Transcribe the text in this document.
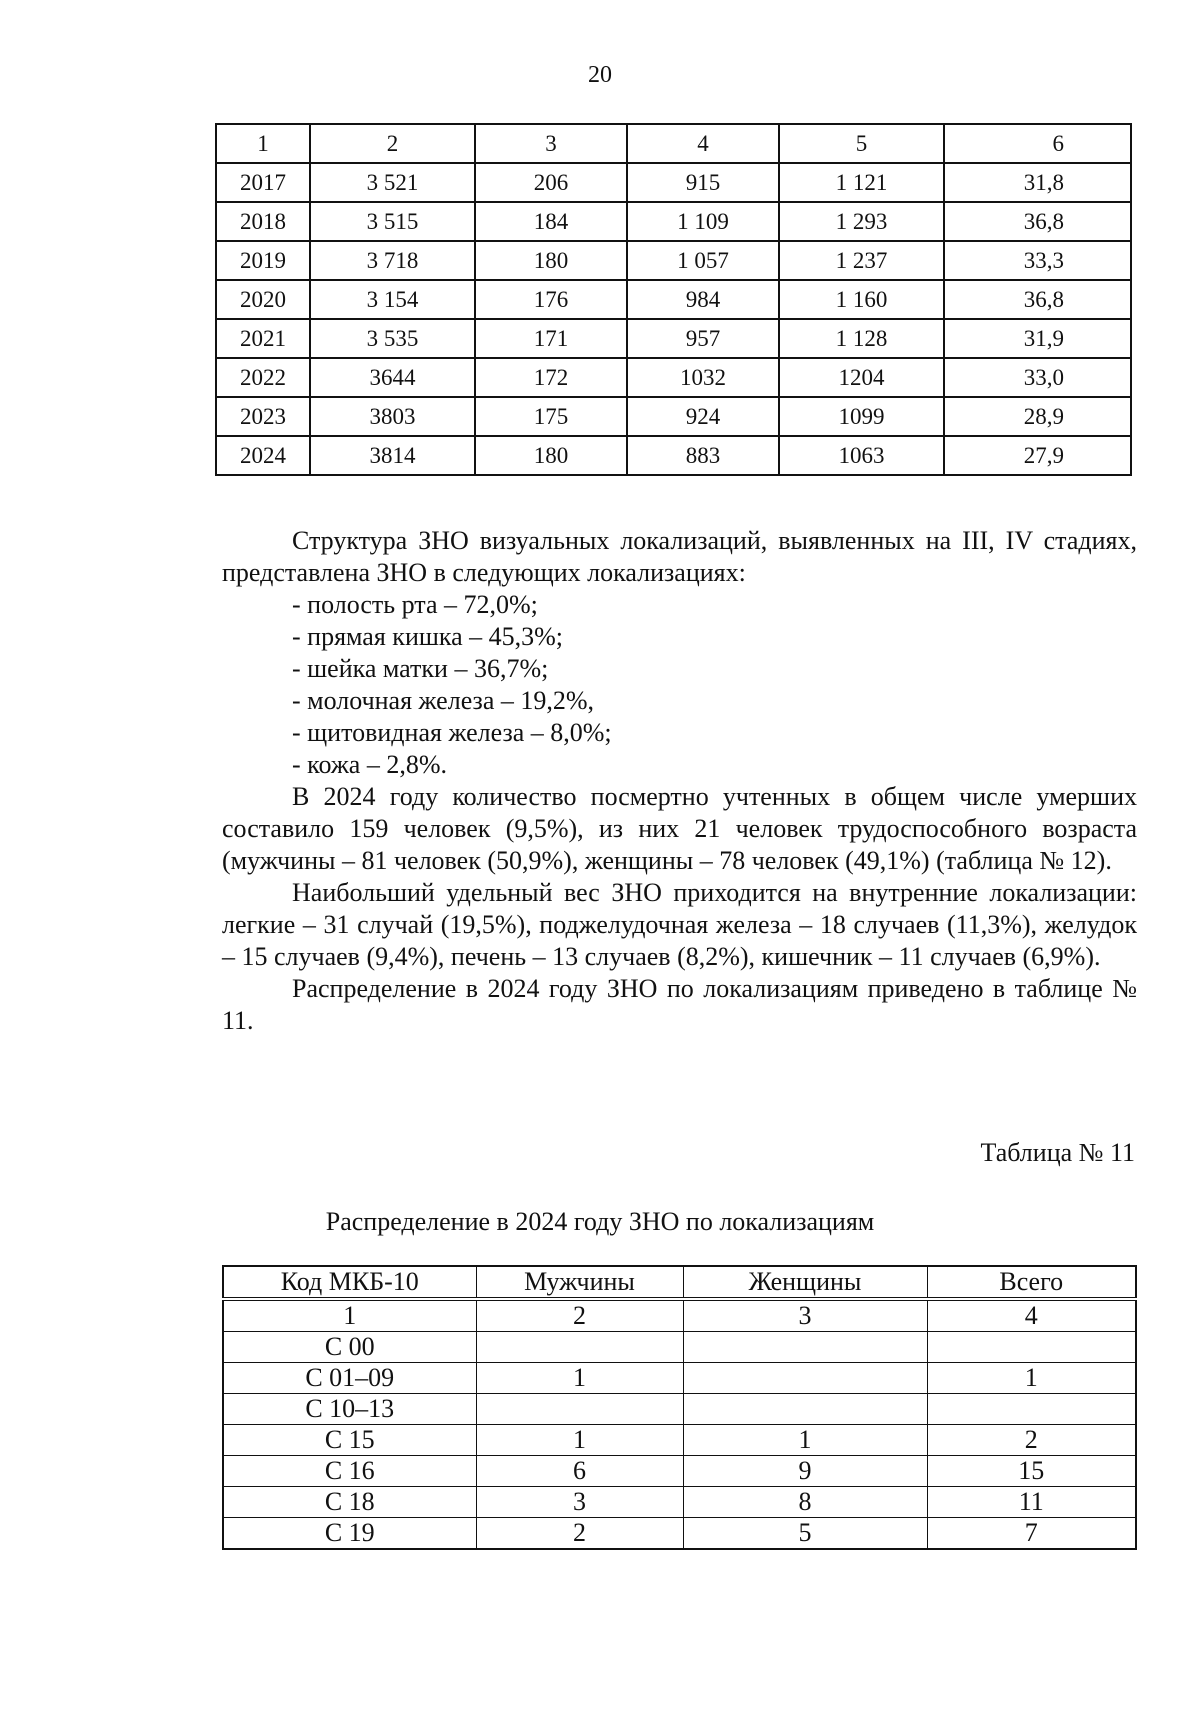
20
1	2	3	4	5	6
2017	3 521	206	915	1 121	31,8
2018	3 515	184	1 109	1 293	36,8
2019	3 718	180	1 057	1 237	33,3
2020	3 154	176	984	1 160	36,8
2021	3 535	171	957	1 128	31,9
2022	3644	172	1032	1204	33,0
2023	3803	175	924	1099	28,9
2024	3814	180	883	1063	27,9

Структура ЗНО визуальных локализаций, выявленных на III, IV стадиях, представлена ЗНО в следующих локализациях:

- полость рта – 72,0%;

- прямая кишка – 45,3%;

- шейка матки – 36,7%;

- молочная железа – 19,2%,

- щитовидная железа – 8,0%;

- кожа – 2,8%.

В 2024 году количество посмертно учтенных в общем числе умерших составило 159 человек (9,5%), из них 21 человек трудоспособного возраста (мужчины – 81 человек (50,9%), женщины – 78 человек (49,1%) (таблица № 12).

Наибольший удельный вес ЗНО приходится на внутренние локализации: легкие – 31 случай (19,5%), поджелудочная железа – 18 случаев (11,3%), желудок – 15 случаев (9,4%), печень – 13 случаев (8,2%), кишечник – 11 случаев (6,9%).

Распределение в 2024 году ЗНО по локализациям приведено в таблице № 11.

Таблица № 11
Распределение в 2024 году ЗНО по локализациям
Код МКБ-10	Мужчины	Женщины	Всего
1	2	3	4
С 00			
С 01–09	1		1
С 10–13			
С 15	1	1	2
С 16	6	9	15
С 18	3	8	11
С 19	2	5	7
